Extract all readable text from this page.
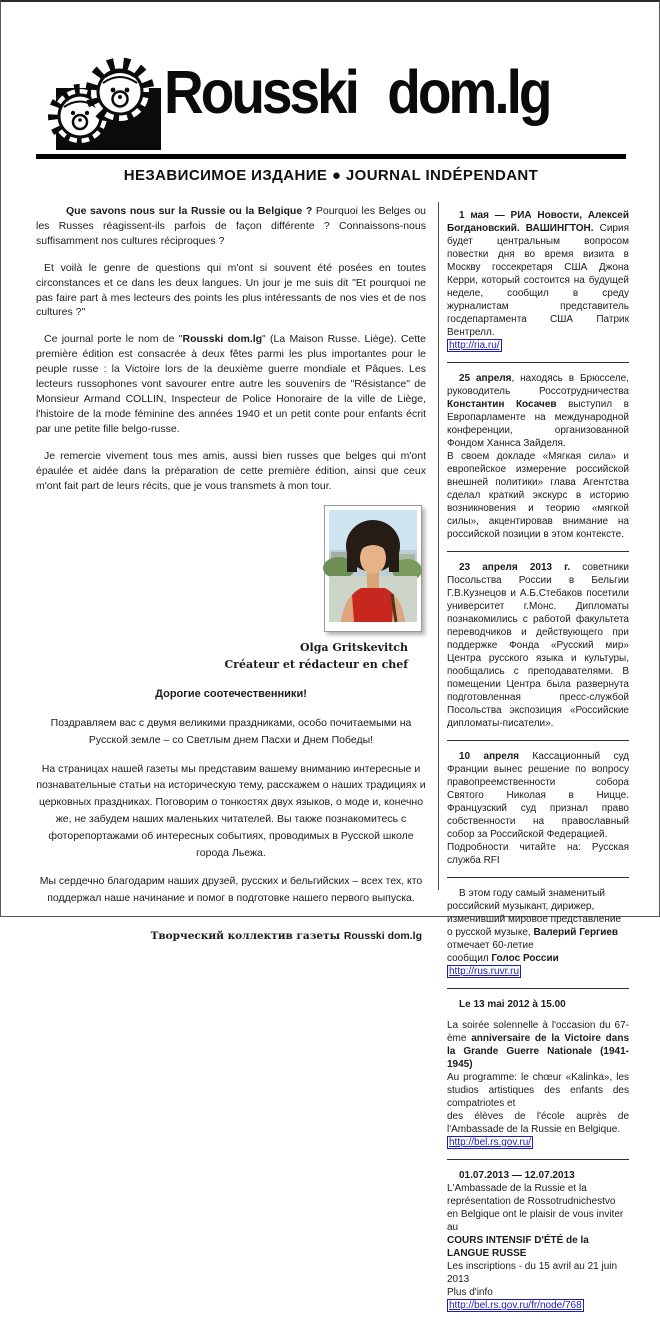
Rousski dom.lg
НЕЗАВИСИМОЕ ИЗДАНИЕ ● JOURNAL INDÉPENDANT

Que savons nous sur la Russie ou la Belgique ? Pourquoi les Belges ou les Russes réagissent-ils parfois de façon différente ? Connaissons-nous suffisamment nos cultures réciproques ?

Et voilà le genre de questions qui m'ont si souvent été posées en toutes circonstances et ce dans les deux langues. Un jour je me suis dit "Et pourquoi ne pas faire part à mes lecteurs des points les plus intéressants de nos vies et de nos cultures ?"

Ce journal porte le nom de "Rousski dom.lg" (La Maison Russe. Liège). Cette première édition est consacrée à deux fêtes parmi les plus importantes pour le peuple russe : la Victoire lors de la deuxième guerre mondiale et Pâques. Les lecteurs russophones vont savourer entre autre les souvenirs de "Résistance" de Monsieur Armand COLLIN, Inspecteur de Police Honoraire de la ville de Liège, l'histoire de la mode féminine des années 1940 et un petit conte pour enfants écrit par une petite fille belgo-russe.

Je remercie vivement tous mes amis, aussi bien russes que belges qui m'ont épaulée et aidée dans la préparation de cette première édition, ainsi que ceux m'ont fait part de leurs récits, que je vous transmets à mon tour.

Olga Gritskevitch
Créateur et rédacteur en chef
Дорогие соотечественники!

Поздравляем вас с двумя великими праздниками, особо почитаемыми на Русской земле – со Светлым днем Пасхи и Днем Победы!

На страницах нашей газеты мы представим вашему вниманию интересные и познавательные статьи на историческую тему, расскажем о наших традициях и церковных праздниках. Поговорим о тонкостях двух языков, о моде и, конечно же, не забудем наших маленьких читателей. Вы также познакомитесь с фоторепортажами об интересных событиях, проводимых в Русской школе города Льежа.

Мы сердечно благодарим наших друзей, русских и бельгийских – всех тех, кто поддержал наше начинание и помог в подготовке нашего первого выпуска.

Творческий коллектив газеты Rousski dom.lg

1 мая — РИА Новости, Алексей Богдановский. ВАШИНГТОН. Сирия будет центральным вопросом повестки дня во время визита в Москву госсекретаря США Джона Керри, который состоится на будущей неделе, сообщил в среду журналистам представитель госдепартамента США Патрик Вентрелл.

http://ria.ru/

25 апреля, находясь в Брюсселе, руководитель Россотрудничества Константин Косачев выступил в Европарламенте на международной конференции, организованной Фондом Ханнса Зайделя.

В своем докладе «Мягкая сила» и европейское измерение российской внешней политики» глава Агентства сделал краткий экскурс в историю возникновения и теорию «мягкой силы», акцентировав внимание на российской позиции в этом контексте.

23 апреля 2013 г. советники Посольства России в Бельгии Г.В.Кузнецов и А.Б.Стебаков посетили университет г.Монс. Дипломаты познакомились с работой факультета переводчиков и действующего при поддержке Фонда «Русский мир» Центра русского языка и культуры, пообщались с преподавателями. В помещении Центра была развернута подготовленная пресс-службой Посольства экспозиция «Российские дипломаты-писатели».

10 апреля Кассационный суд Франции вынес решение по вопросу правопреемственности собора Святого Николая в Ницце. Французский суд признал право собственности на православный собор за Российской Федерацией.

Подробности читайте на: Русская служба RFI

В этом году самый знаменитый российский музыкант, дирижер, изменивший мировое представление о русской музыке, Валерий Гергиев отмечает 60-летие

сообщил Голос России http://rus.ruvr.ru

Le 13 mai 2012 à 15.00

La soirée solennelle à l'occasion du 67-ème anniversaire de la Victoire dans la Grande Guerre Nationale (1941-1945)

Au programme: le chœur «Kalinka», les studios artistiques des enfants des compatriotes et

des élèves de l'école auprès de l'Ambassade de la Russie en Belgique.

http://bel.rs.gov.ru/

01.07.2013 — 12.07.2013

L'Ambassade de la Russie et la représentation de Rossotrudnichestvo en Belgique ont le plaisir de vous inviter au

COURS INTENSIF D'ÉTÉ de la LANGUE RUSSE

Les inscriptions - du 15 avril au 21 juin 2013

Plus d'info http://bel.rs.gov.ru/fr/node/768
